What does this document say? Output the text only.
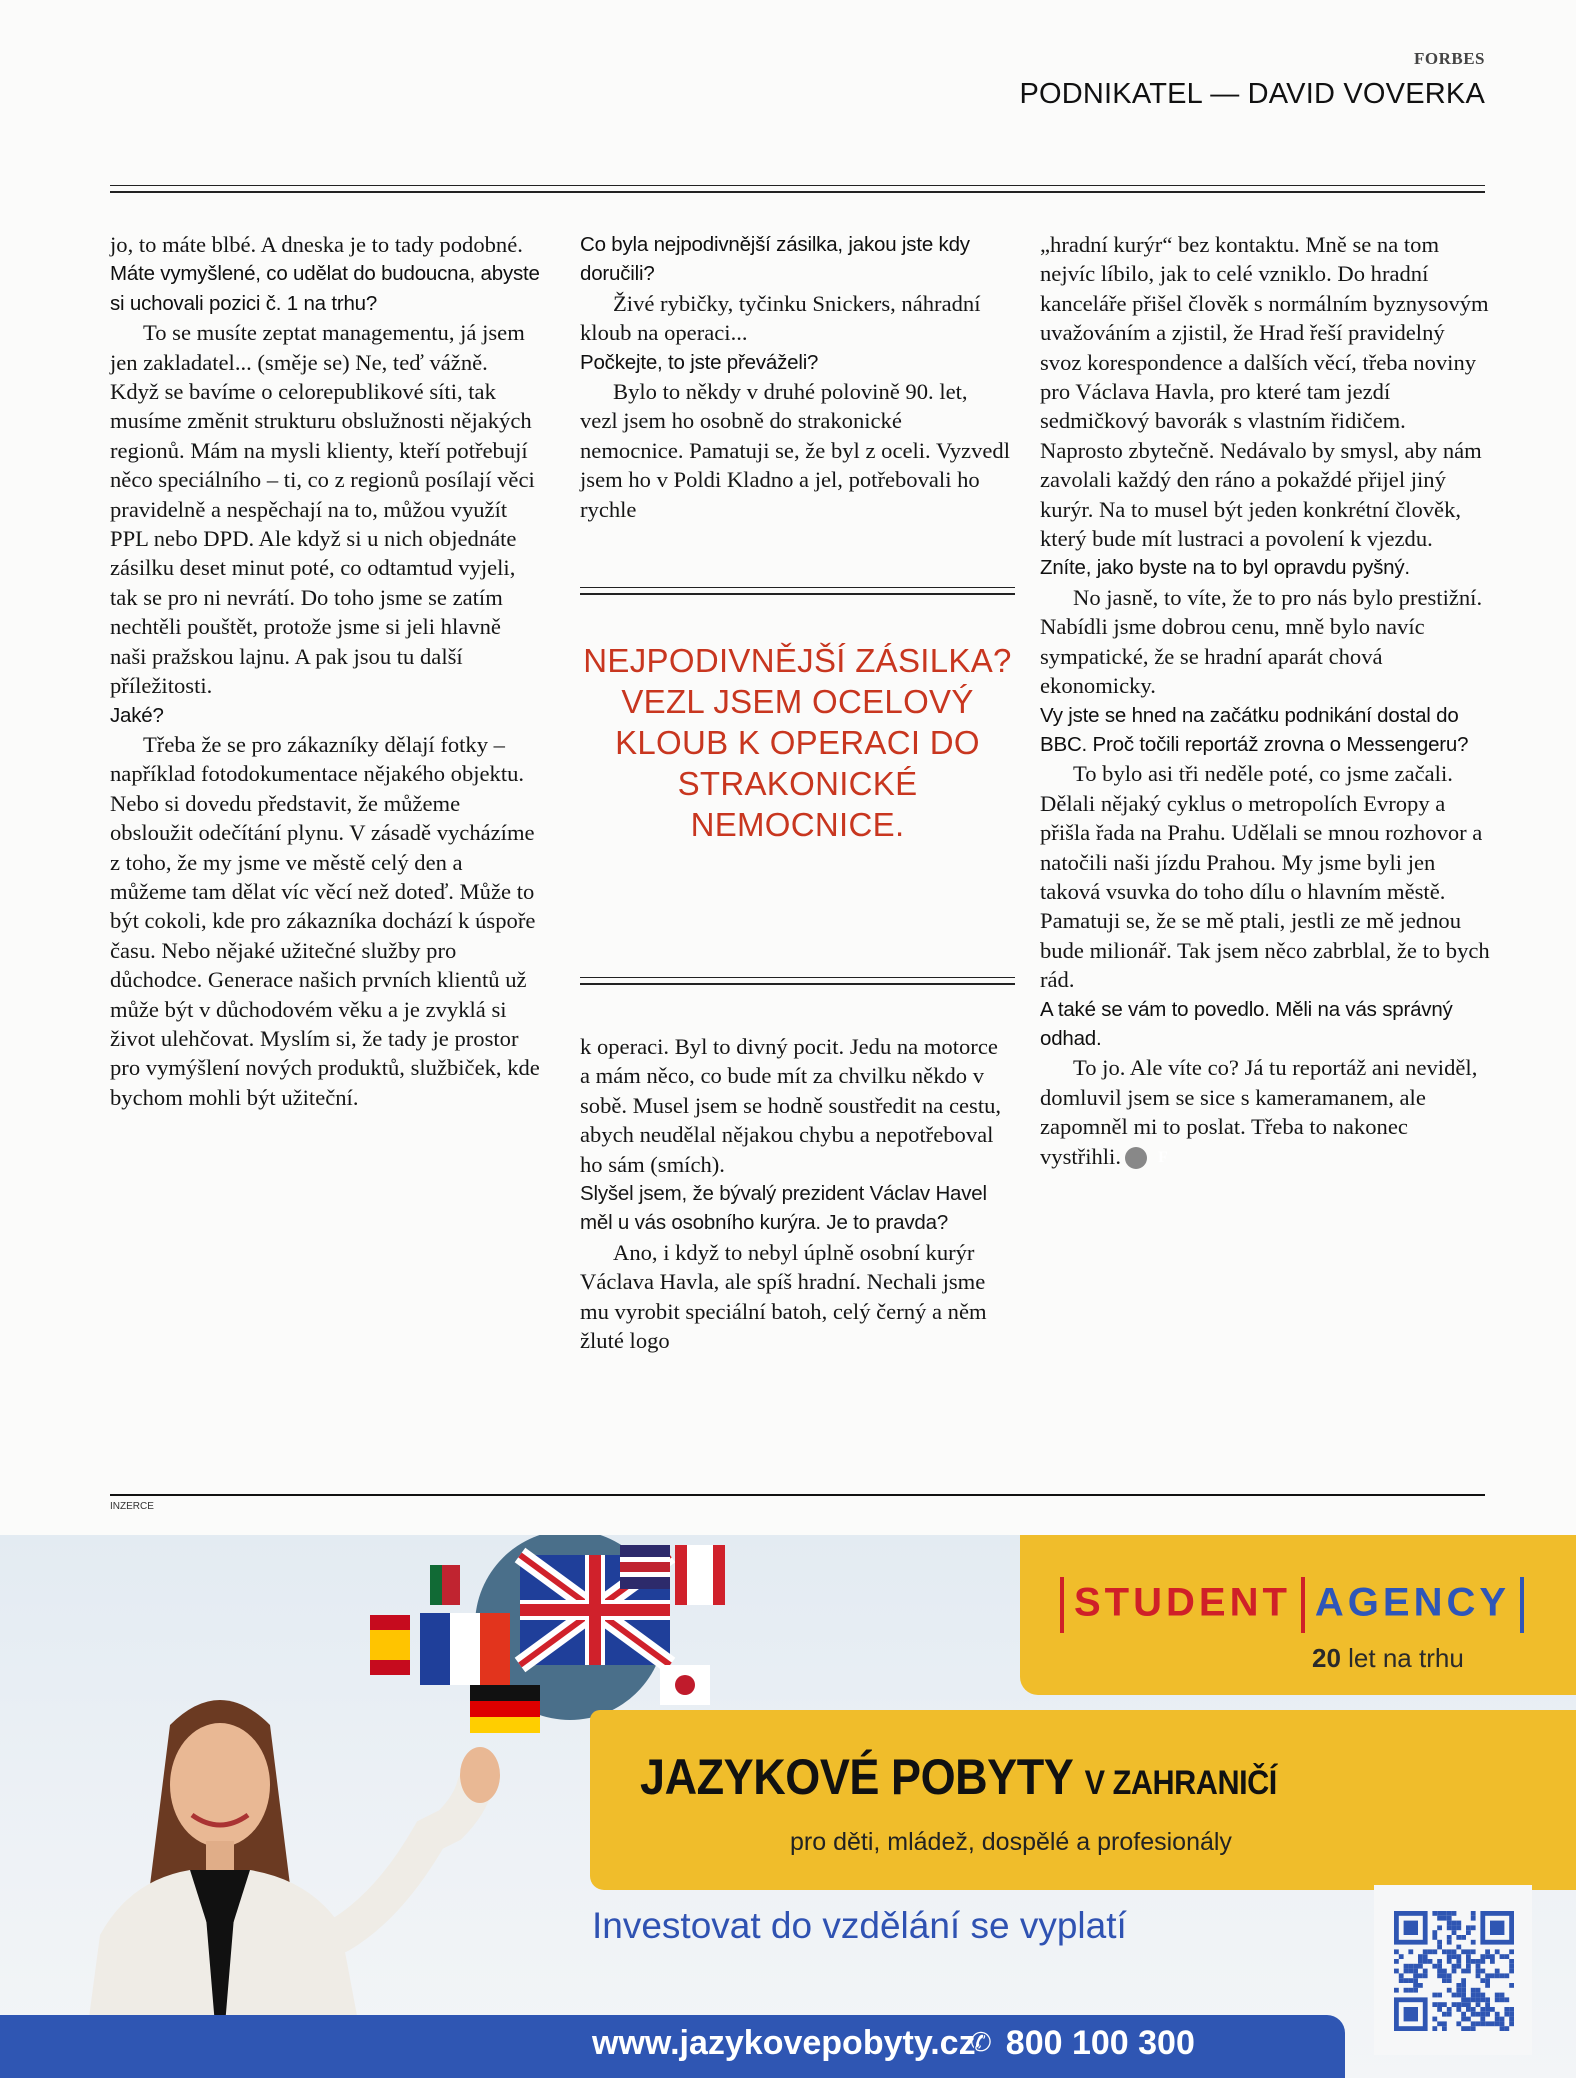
FORBES
PODNIKATEL — DAVID VOVERKA

jo, to máte blbé. A dneska je to tady podobné.

Máte vymyšlené, co udělat do budoucna, abyste si uchovali pozici č. 1 na trhu?

To se musíte zeptat managementu, já jsem jen zakladatel... (směje se) Ne, teď vážně. Když se bavíme o celorepublikové síti, tak musíme změnit strukturu obslužnosti nějakých regionů. Mám na mysli klienty, kteří potřebují něco speciálního – ti, co z regionů posílají věci pravidelně a nespěchají na to, můžou využít PPL nebo DPD. Ale když si u nich objednáte zásilku deset minut poté, co odtamtud vyjeli, tak se pro ni nevrátí. Do toho jsme se zatím nechtěli pouštět, protože jsme si jeli hlavně naši pražskou lajnu. A pak jsou tu další příležitosti.

Jaké?

Třeba že se pro zákazníky dělají fotky – například fotodokumentace nějakého objektu. Nebo si dovedu představit, že můžeme obsloužit odečítání plynu. V zásadě vycházíme z toho, že my jsme ve městě celý den a můžeme tam dělat víc věcí než doteď. Může to být cokoli, kde pro zákazníka dochází k úspoře času. Nebo nějaké užitečné služby pro důchodce. Generace našich prvních klientů už může být v důchodovém věku a je zvyklá si život ulehčovat. Myslím si, že tady je prostor pro vymýšlení nových produktů, službiček, kde bychom mohli být užiteční.

Co byla nejpodivnější zásilka, jakou jste kdy doručili?

Živé rybičky, tyčinku Snickers, náhradní kloub na operaci...

Počkejte, to jste převáželi?

Bylo to někdy v druhé polovině 90. let, vezl jsem ho osobně do strakonické nemocnice. Pamatuji se, že byl z oceli. Vyzvedl jsem ho v Poldi Kladno a jel, potřebovali ho rychle

NEJPODIVNĚJŠÍ ZÁSILKA? VEZL JSEM OCELOVÝ KLOUB K OPERACI DO STRAKONICKÉ NEMOCNICE.

k operaci. Byl to divný pocit. Jedu na motorce a mám něco, co bude mít za chvilku někdo v sobě. Musel jsem se hodně soustředit na cestu, abych neudělal nějakou chybu a nepotřeboval ho sám (smích).

Slyšel jsem, že bývalý prezident Václav Havel měl u vás osobního kurýra. Je to pravda?

Ano, i když to nebyl úplně osobní kurýr Václava Havla, ale spíš hradní. Nechali jsme mu vyrobit speciální batoh, celý černý a něm žluté logo

„hradní kurýr“ bez kontaktu. Mně se na tom nejvíc líbilo, jak to celé vzniklo. Do hradní kanceláře přišel člověk s normálním byznysovým uvažováním a zjistil, že Hrad řeší pravidelný svoz korespondence a dalších věcí, třeba noviny pro Václava Havla, pro které tam jezdí sedmičkový bavorák s vlastním řidičem. Naprosto zbytečně. Nedávalo by smysl, aby nám zavolali každý den ráno a pokaždé přijel jiný kurýr. Na to musel být jeden konkrétní člověk, který bude mít lustraci a povolení k vjezdu.

Zníte, jako byste na to byl opravdu pyšný.

No jasně, to víte, že to pro nás bylo prestižní. Nabídli jsme dobrou cenu, mně bylo navíc sympatické, že se hradní aparát chová ekonomicky.

Vy jste se hned na začátku podnikání dostal do BBC. Proč točili reportáž zrovna o Messengeru?

To bylo asi tři neděle poté, co jsme začali. Dělali nějaký cyklus o metropolích Evropy a přišla řada na Prahu. Udělali se mnou rozhovor a natočili naši jízdu Prahou. My jsme byli jen taková vsuvka do toho dílu o hlavním městě. Pamatuji se, že se mě ptali, jestli ze mě jednou bude milionář. Tak jsem něco zabrblal, že to bych rád.

A také se vám to povedlo. Měli na vás správný odhad.

To jo. Ale víte co? Já tu reportáž ani neviděl, domluvil jsem se sice s kameramanem, ale zapomněl mi to poslat. Třeba to nakonec vystřihli. F

INZERCE
STUDENT AGENCY
20 let na trhu
JAZYKOVÉ POBYTY V ZAHRANIČÍ
pro děti, mládež, dospělé a profesionály
Investovat do vzdělání se vyplatí
www.jazykovepobyty.cz
✆ 800 100 300
